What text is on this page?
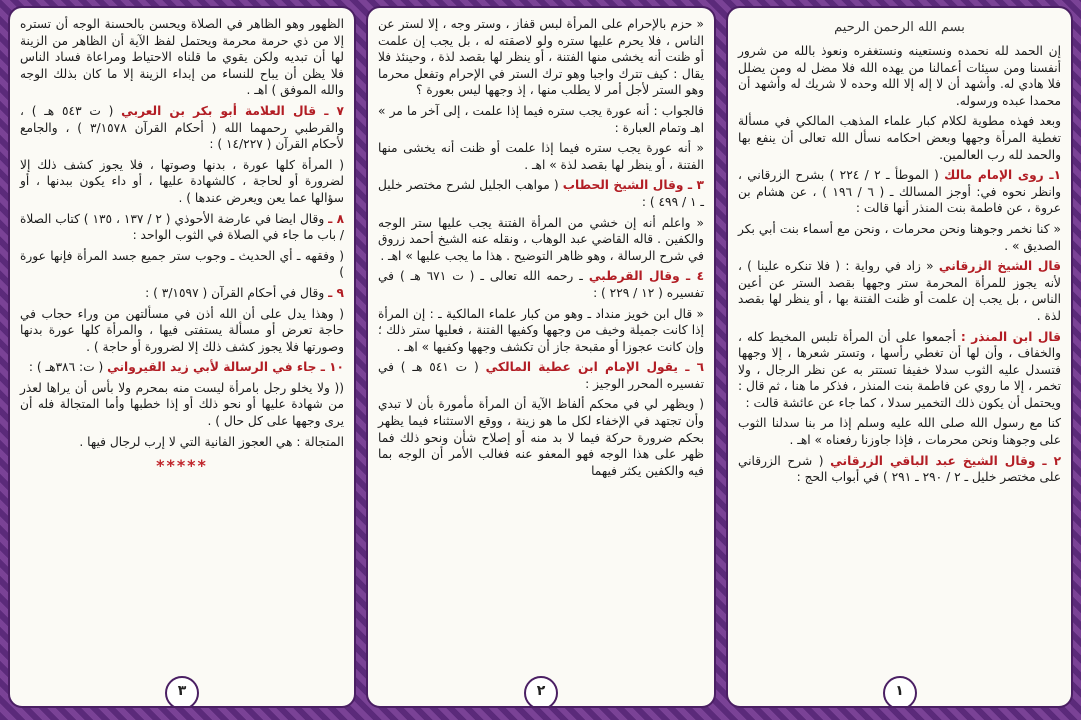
الظهور وهو الظاهر في الصلاة ويحسن بالحسنة الوجه أن تستره إلا من ذي حرمة محرمة ويحتمل لفظ الآية أن الظاهر من الزينة لها أن تبديه ولكن يقوي ما قلناه الاحتياط ومراعاة فساد الناس فلا يظن أن يباح للنساء من إبداء الزينة إلا ما كان بذلك الوجه والله الموفق ) اهـ .

٧ ـ قال العلامة أبو بكر بن العربي ( ت ٥٤٣ هـ ) ، والقرطبي رحمهما الله ( أحكام القرآن ٣/١٥٧٨ ) ، والجامع لأحكام القرآن ( ١٤/٢٢٧ ) :

( المرأة كلها عورة ، بدنها وصوتها ، فلا يجوز كشف ذلك إلا لضرورة أو لحاجة ، كالشهادة عليها ، أو داء يكون ببدنها ، أو سؤالها عما يعن ويعرض عندها ) .

٨ ـ وقال ايضا في عارضة الأحوذي ( ٢ / ١٣٧ ، ١٣٥ ) كتاب الصلاة / باب ما جاء في الصلاة في الثوب الواحد :

( وفقهه ـ أي الحديث ـ وجوب ستر جميع جسد المرأة فإنها عورة )

٩ ـ وقال في أحكام القرآن ( ٣/١٥٩٧ ) :

( وهذا يدل على أن الله أذن في مسألتهن من وراء حجاب في حاجة تعرض أو مسألة يستفتى فيها ، والمرأة كلها عورة بدنها وصورتها فلا يجوز كشف ذلك إلا لضرورة أو حاجة ) .

١٠ ـ جاء في الرسالة لأبي زيد القيرواني ( ت: ٣٨٦هـ ) :

(( ولا يخلو رجل بامرأة ليست منه بمحرم ولا بأس أن يراها لعذر من شهادة عليها أو نحو ذلك أو إذا خطبها وأما المتجالة فله أن يرى وجهها على كل حال ) .

المتجالة : هي العجوز الفانية التي لا إرب لرجال فيها .

*****
٣

« حزم بالإحرام على المرأة لبس قفاز ، وستر وجه ، إلا لستر عن الناس ، فلا يحرم عليها ستره ولو لاصقته له ، بل يجب إن علمت أو ظنت أنه يخشى منها الفتنة ، أو ينظر لها بقصد لذة ، وحينئذ فلا يقال : كيف تترك واجبا وهو ترك الستر في الإحرام وتفعل محرما وهو الستر لأجل أمر لا يطلب منها ، إذ وجهها ليس بعورة ؟

فالجواب : أنه عورة يجب ستره فيما إذا علمت ، إلى آخر ما مر » اهـ وتمام العبارة :

« أنه عورة يجب ستره فيما إذا علمت أو ظنت أنه يخشى منها الفتنة ، أو ينظر لها بقصد لذة » اهـ .

٣ ـ وقال الشيخ الحطاب ( مواهب الجليل لشرح مختصر خليل ـ ١ / ٤٩٩ ) :

« واعلم أنه إن خشي من المرأة الفتنة يجب عليها ستر الوجه والكفين . قاله القاضي عبد الوهاب ، ونقله عنه الشيخ أحمد زروق في شرح الرسالة ، وهو ظاهر التوضيح . هذا ما يجب عليها » اهـ .

٤ ـ وقال القرطبي ـ رحمه الله تعالى ـ ( ت ٦٧١ هـ ) في تفسيره ( ١٢ / ٢٢٩ ) :

« قال ابن خويز منداد ـ وهو من كبار علماء المالكية ـ : إن المرأة إذا كانت جميلة وخيف من وجهها وكفيها الفتنة ، فعليها ستر ذلك ؛ وإن كانت عجوزا أو مقبحة جاز أن تكشف وجهها وكفيها » اهـ .

٦ ـ يقول الإمام ابن عطية المالكي ( ت ٥٤١ هـ ) في تفسيره المحرر الوجيز :

( ويظهر لي في محكم ألفاظ الآية أن المرأة مأمورة بأن لا تبدي وأن تجتهد في الإخفاء لكل ما هو زينة ، ووقع الاستثناء فيما يظهر بحكم ضرورة حركة فيما لا بد منه أو إصلاح شأن ونحو ذلك فما ظهر على هذا الوجه فهو المعفو عنه فغالب الأمر أن الوجه بما فيه والكفين يكثر فيهما

٢
بسم الله الرحمن الرحيم

إن الحمد لله نحمده ونستعينه ونستغفره ونعوذ بالله من شرور أنفسنا ومن سيئات أعمالنا من يهده الله فلا مضل له ومن يضلل فلا هادي له. وأشهد أن لا إله إلا الله وحده لا شريك له وأشهد أن محمدا عبده ورسوله.

وبعد فهذه مطوية لكلام كبار علماء المذهب المالكي في مسألة تغطية المرأة وجهها وبعض احكامه نسأل الله تعالى أن ينفع بها والحمد لله رب العالمين.

١ـ روى الإمام مالك ( الموطأ ـ ٢ / ٢٢٤ ) بشرح الزرقاني ، وانظر نحوه في: أوجز المسالك ـ ( ٦ / ١٩٦ ) ، عن هشام بن عروة ، عن فاطمة بنت المنذر أنها قالت :

« كنا نخمر وجوهنا ونحن محرمات ، ونحن مع أسماء بنت أبي بكر الصديق » .

قال الشيخ الزرقاني « زاد في رواية : ( فلا تنكره علينا ) ، لأنه يجوز للمرأة المحرمة ستر وجهها بقصد الستر عن أعين الناس ، بل يجب إن علمت أو ظنت الفتنة بها ، أو ينظر لها بقصد لذة .

قال ابن المنذر : أجمعوا على أن المرأة تلبس المخيط كله ، والخفاف ، وأن لها أن تغطي رأسها ، وتستر شعرها ، إلا وجهها فتسدل عليه الثوب سدلا خفيفا تستتر به عن نظر الرجال ، ولا تخمر ، إلا ما روي عن فاطمة بنت المنذر ، فذكر ما هنا ، ثم قال : ويحتمل أن يكون ذلك التخمير سدلا ، كما جاء عن عائشة قالت :

كنا مع رسول الله صلى الله عليه وسلم إذا مر بنا سدلنا الثوب على وجوهنا ونحن محرمات ، فإذا جاوزنا رفعناه » اهـ .

٢ ـ وقال الشيخ عبد الباقي الزرقاني ( شرح الزرقاني على مختصر خليل ـ ٢ / ٢٩٠ ـ ٢٩١ ) في أبواب الحج :

١
